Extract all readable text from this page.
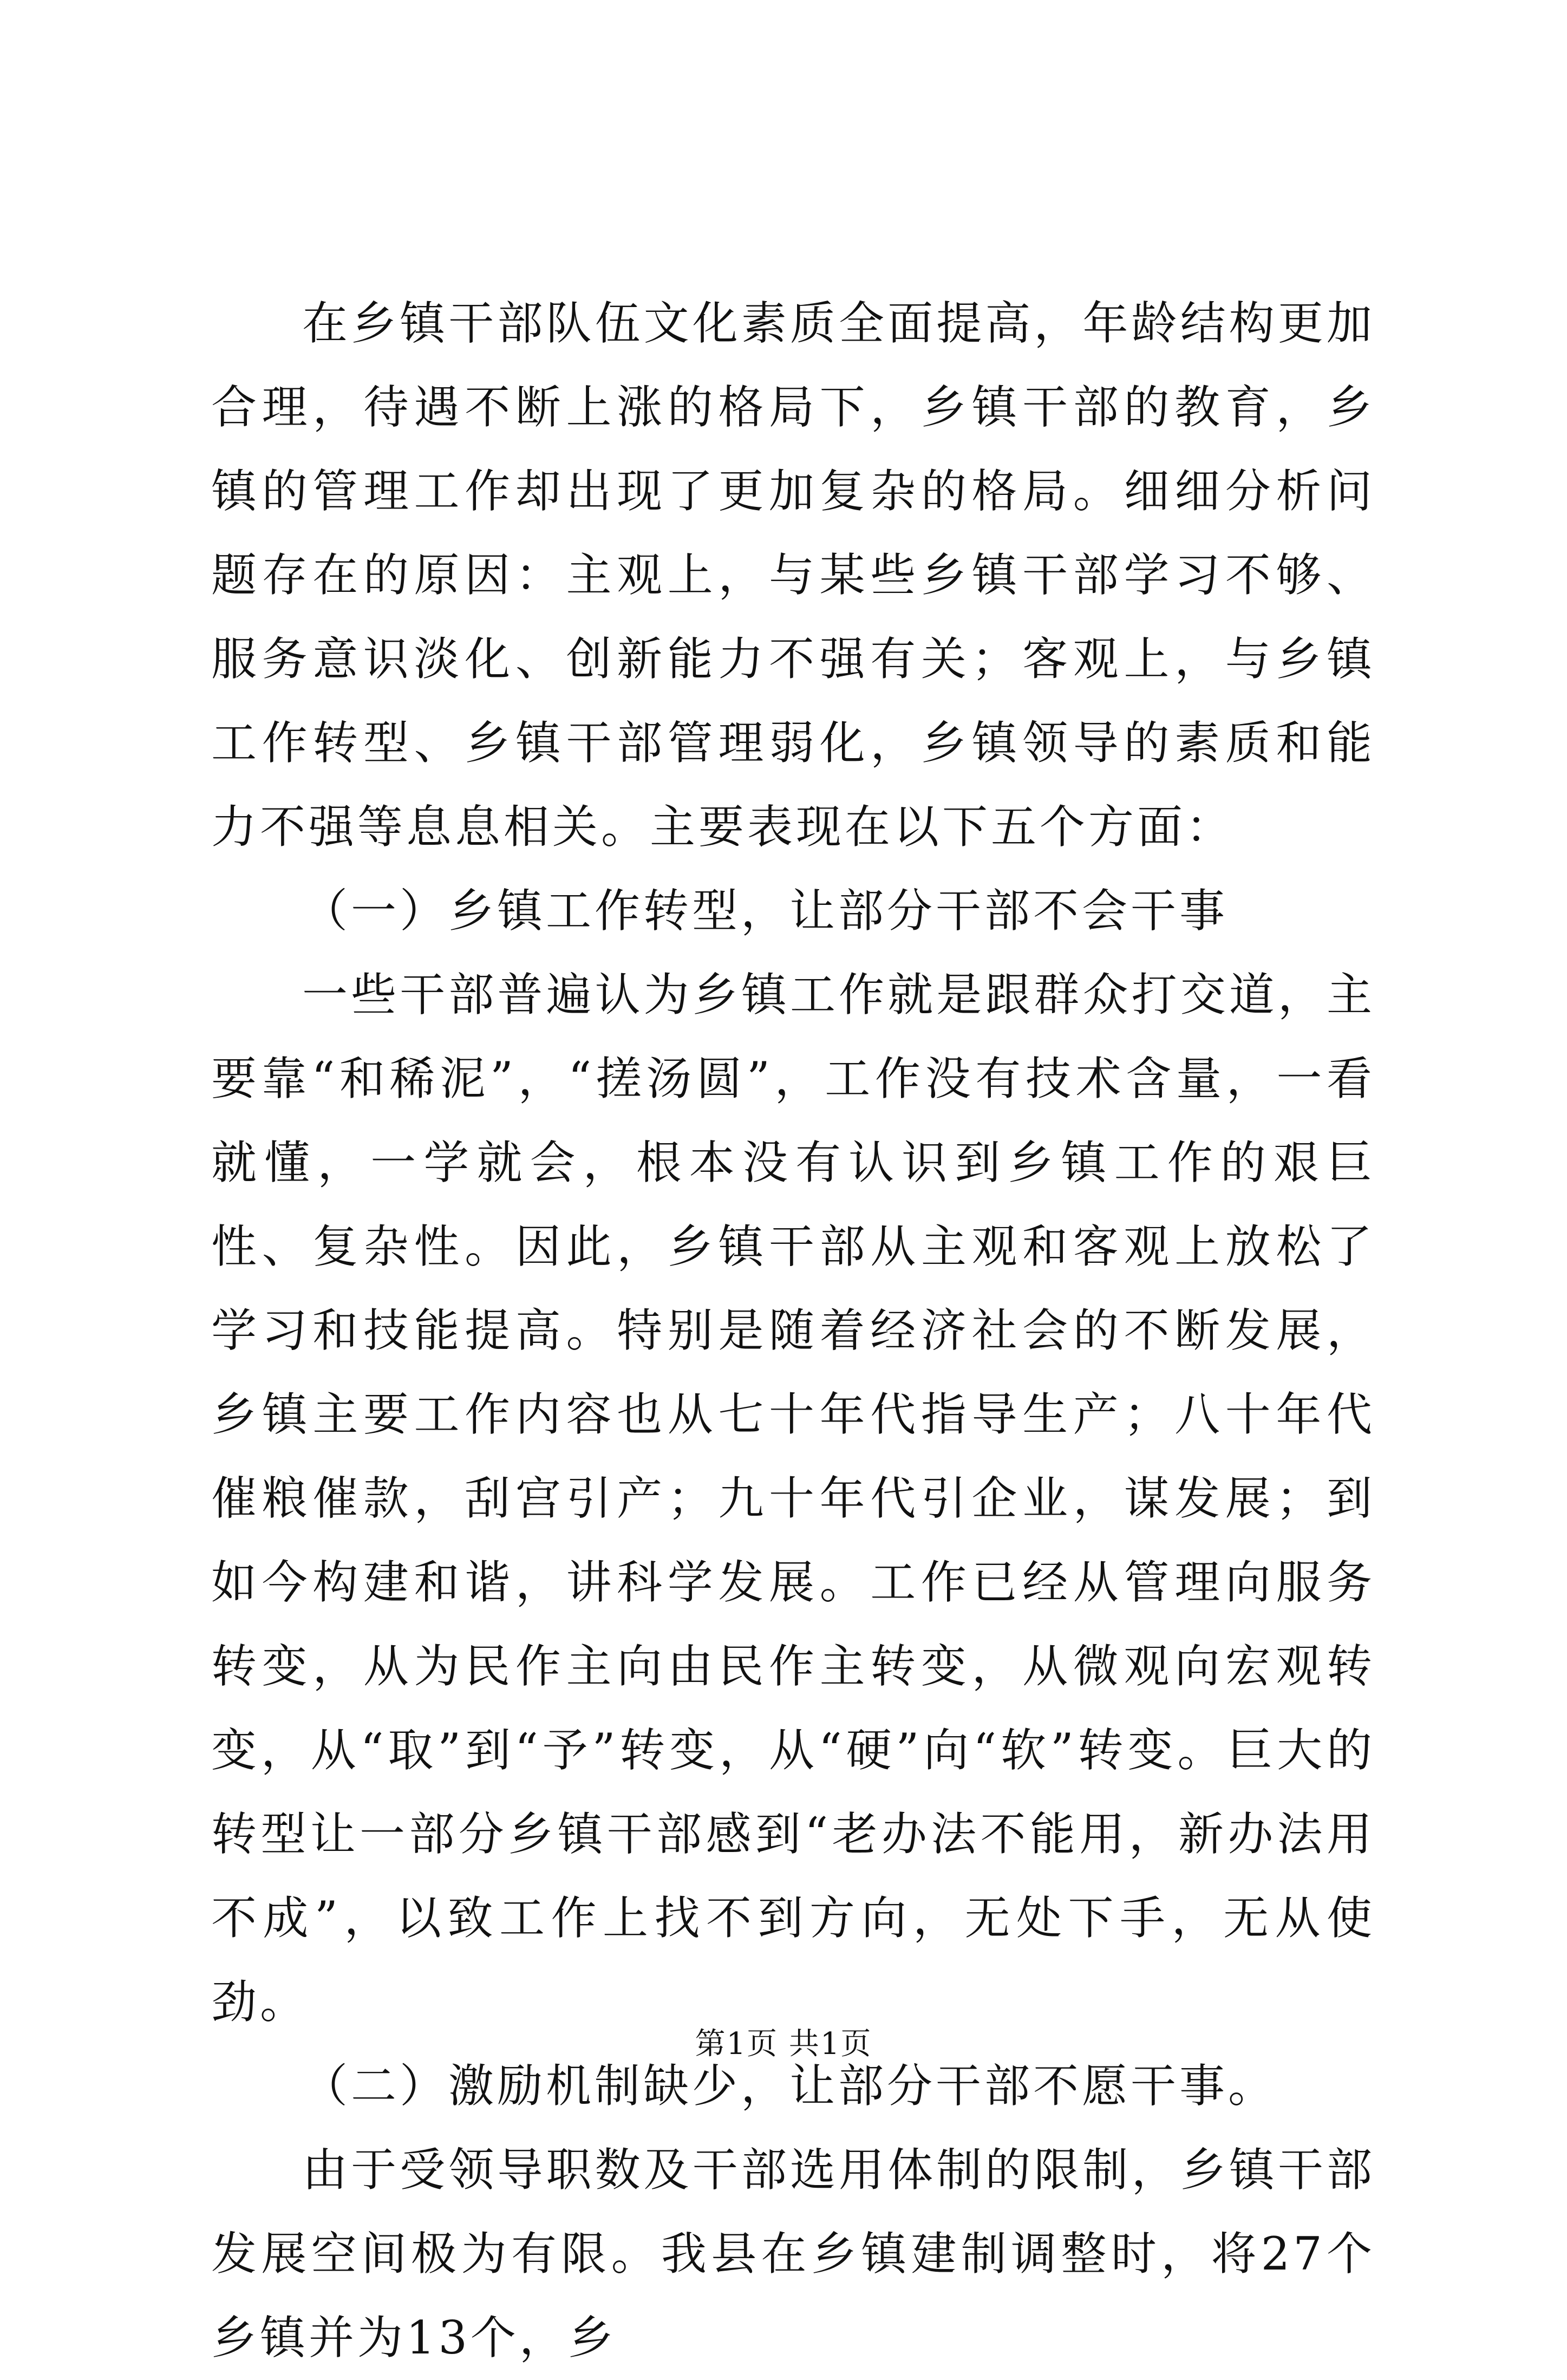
在乡镇干部队伍文化素质全面提高，年龄结构更加合理，待遇不断上涨的格局下，乡镇干部的教育，乡镇的管理工作却出现了更加复杂的格局。细细分析问题存在的原因：主观上，与某些乡镇干部学习不够、服务意识淡化、创新能力不强有关；客观上，与乡镇工作转型、乡镇干部管理弱化，乡镇领导的素质和能力不强等息息相关。主要表现在以下五个方面：

（一）乡镇工作转型，让部分干部不会干事

一些干部普遍认为乡镇工作就是跟群众打交道，主要靠“和稀泥”，“搓汤圆”，工作没有技术含量，一看就懂，一学就会，根本没有认识到乡镇工作的艰巨性、复杂性。因此，乡镇干部从主观和客观上放松了学习和技能提高。特别是随着经济社会的不断发展，乡镇主要工作内容也从七十年代指导生产；八十年代催粮催款，刮宫引产；九十年代引企业，谋发展；到如今构建和谐，讲科学发展。工作已经从管理向服务转变，从为民作主向由民作主转变，从微观向宏观转变，从“取”到“予”转变，从“硬”向“软”转变。巨大的转型让一部分乡镇干部感到“老办法不能用，新办法用不成”，以致工作上找不到方向，无处下手，无从使劲。

（二）激励机制缺少，让部分干部不愿干事。

由于受领导职数及干部选用体制的限制，乡镇干部发展空间极为有限。我县在乡镇建制调整时，将27个乡镇并为13个，乡

第1页 共1页
